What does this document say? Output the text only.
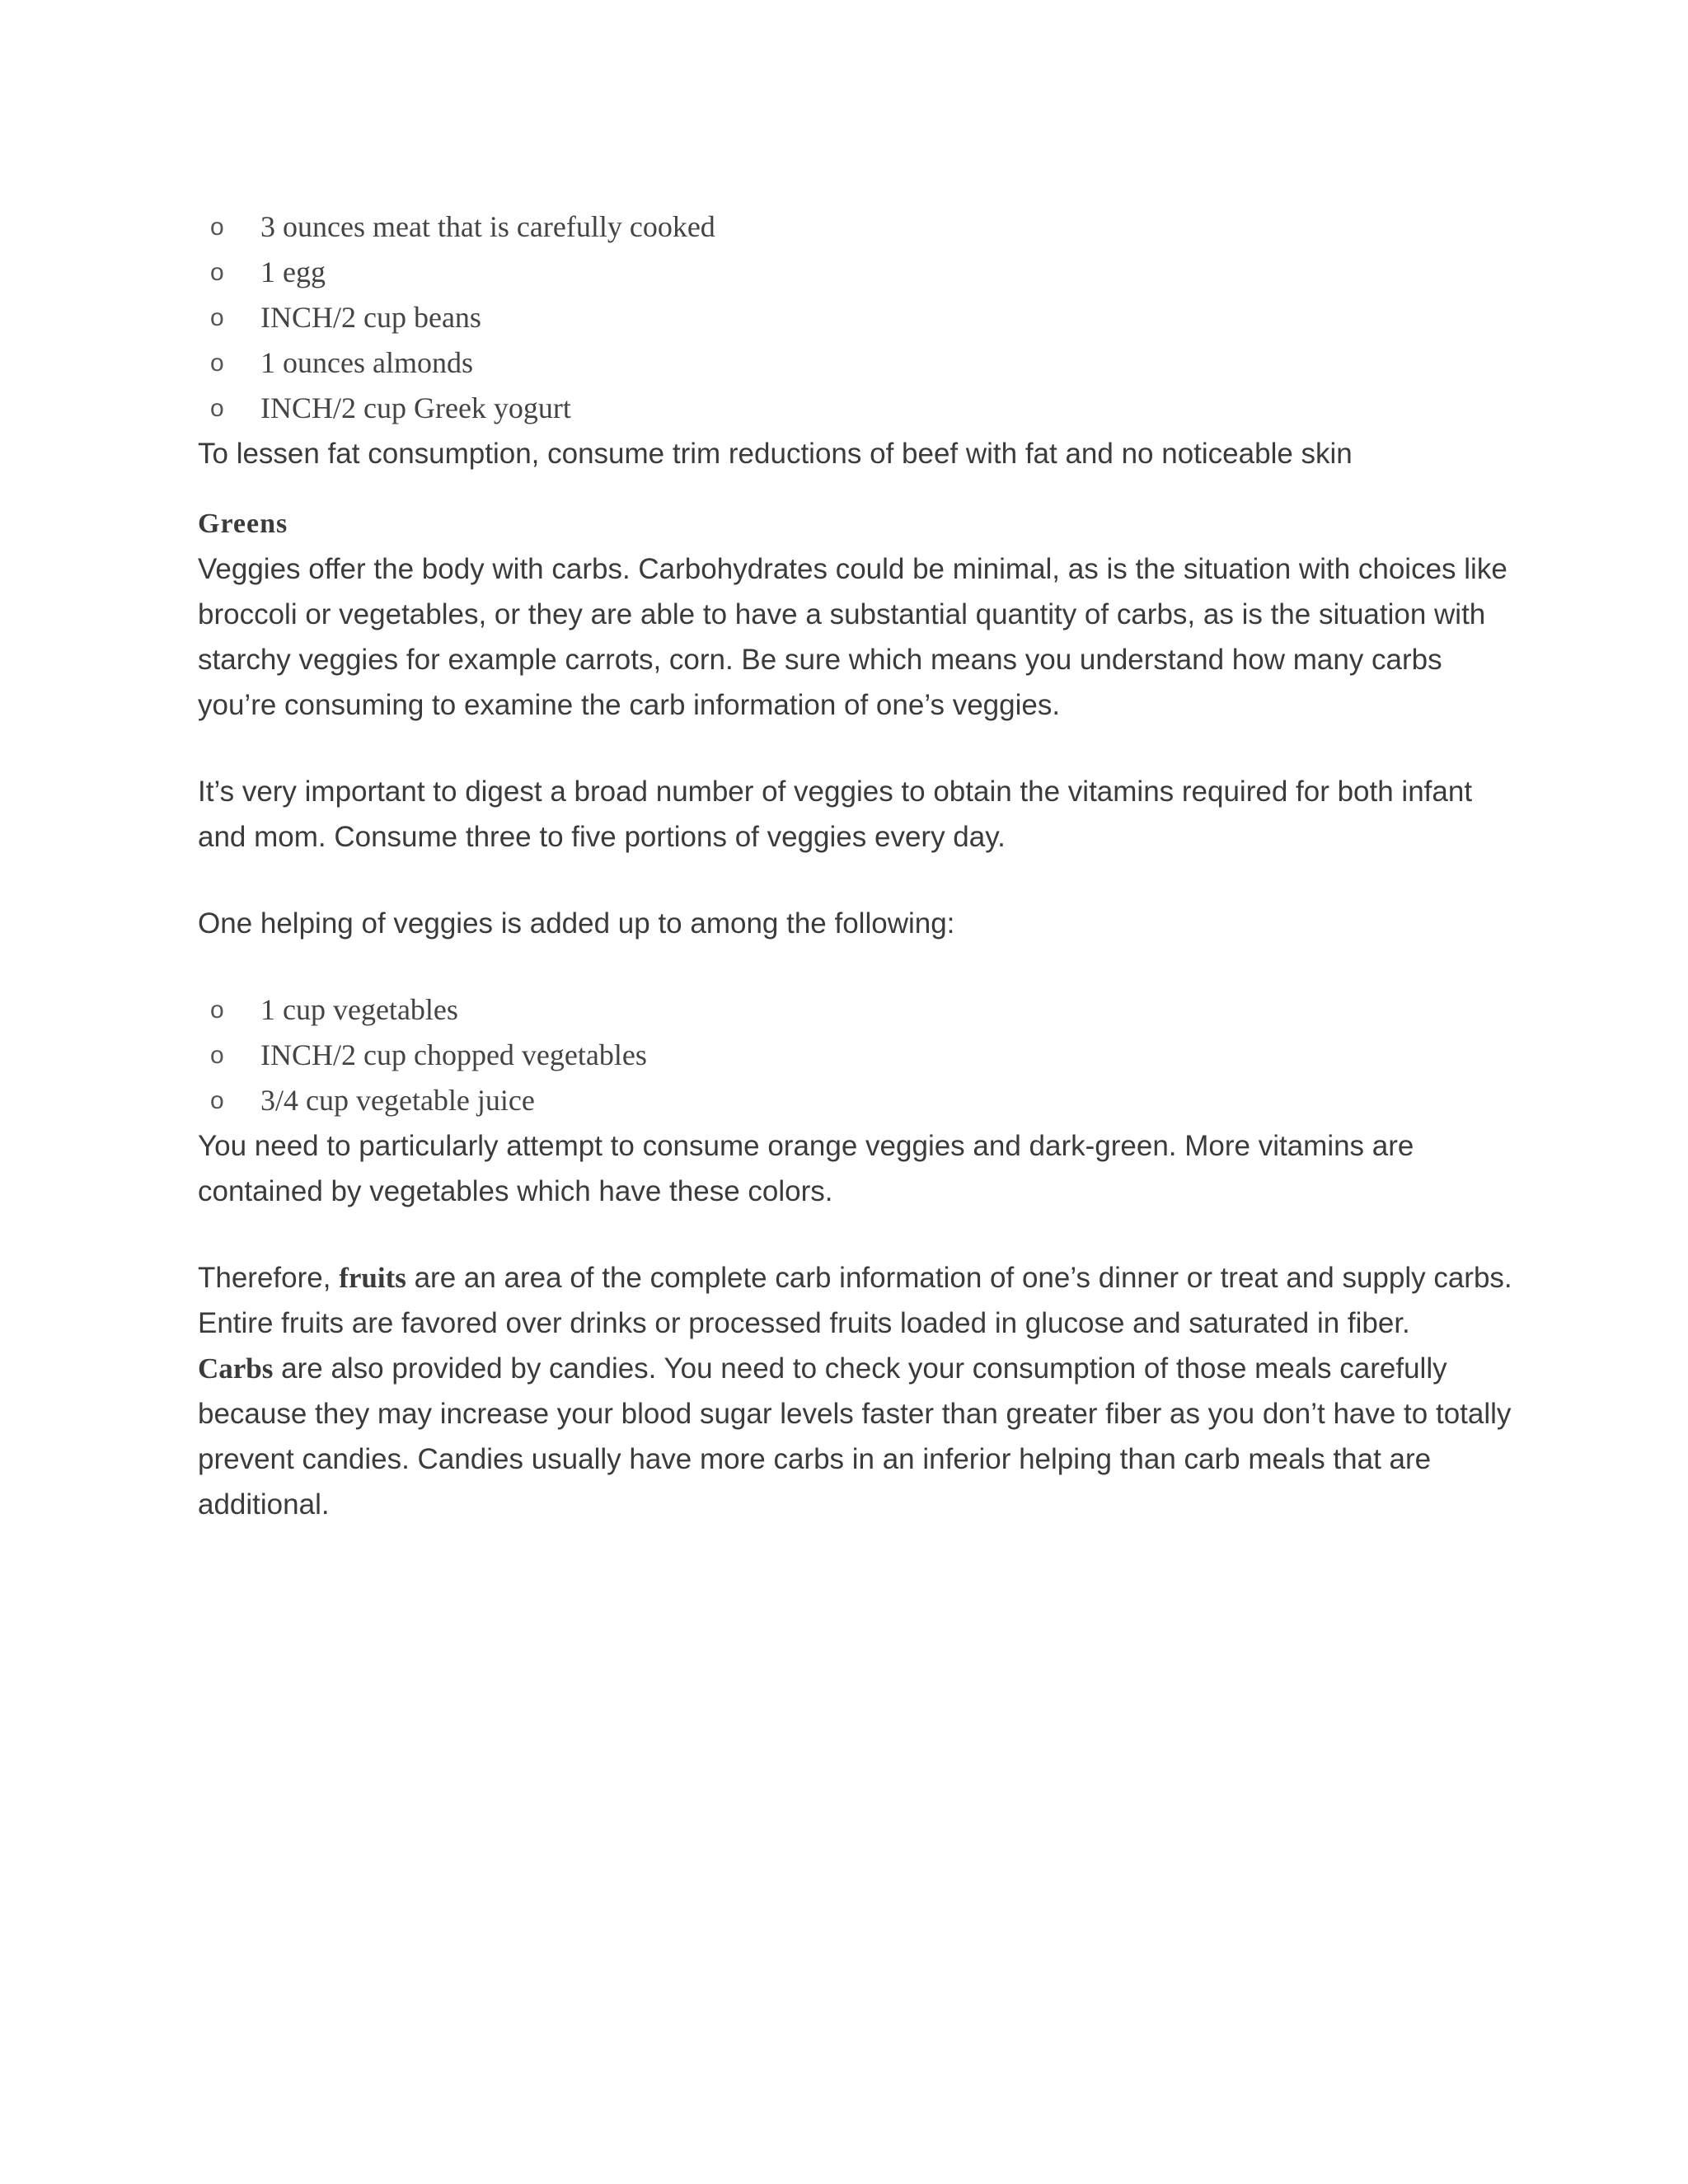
o 3 ounces meat that is carefully cooked
o 1 egg
o INCH/2 cup beans
o 1 ounces almonds
o INCH/2 cup Greek yogurt

To lessen fat consumption, consume trim reductions of beef with fat and no noticeable skin

Greens

Veggies offer the body with carbs. Carbohydrates could be minimal, as is the situation with choices like broccoli or vegetables, or they are able to have a substantial quantity of carbs, as is the situation with starchy veggies for example carrots, corn. Be sure which means you understand how many carbs you’re consuming to examine the carb information of one’s veggies.

It’s very important to digest a broad number of veggies to obtain the vitamins required for both infant and mom. Consume three to five portions of veggies every day.

One helping of veggies is added up to among the following:

o 1 cup vegetables
o INCH/2 cup chopped vegetables
o 3/4 cup vegetable juice

You need to particularly attempt to consume orange veggies and dark-green. More vitamins are contained by vegetables which have these colors.

Therefore, fruits are an area of the complete carb information of one’s dinner or treat and supply carbs. Entire fruits are favored over drinks or processed fruits loaded in glucose and saturated in fiber.

Carbs are also provided by candies. You need to check your consumption of those meals carefully because they may increase your blood sugar levels faster than greater fiber as you don’t have to totally prevent candies. Candies usually have more carbs in an inferior helping than carb meals that are additional.
